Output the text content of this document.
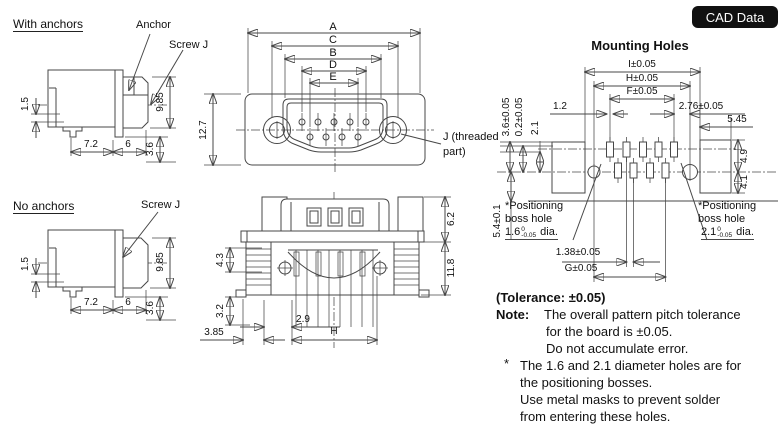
CAD Data
With anchors	Anchor
Screw J
1.5	9.85
7.2	6 3.6
No anchors	Screw J
1.5	9.85
7.2	6 3.6
A
C
B
D
E
12.7	J (threaded
part)
6.2
11.8
4.3
3.2
3.85
2.9
H
Mounting Holes
I±0.05
H±0.05
F±0.05
1.2	2.76±0.05
5.45
3.6±0.05 0.2±0.05 2.1
4.9
4.1
5.4±0.1
1.38±0.05
G±0.05
*Positioning
boss hole
1.6 0
-0.05 dia.
*Positioning
boss hole
2.1 0
-0.05 dia.
(Tolerance: ±0.05)
Note: The overall pattern pitch tolerance
for the board is ±0.05.
Do not accumulate error.
* The 1.6 and 2.1 diameter holes are for
the positioning bosses.
Use metal masks to prevent solder
from entering these holes.
